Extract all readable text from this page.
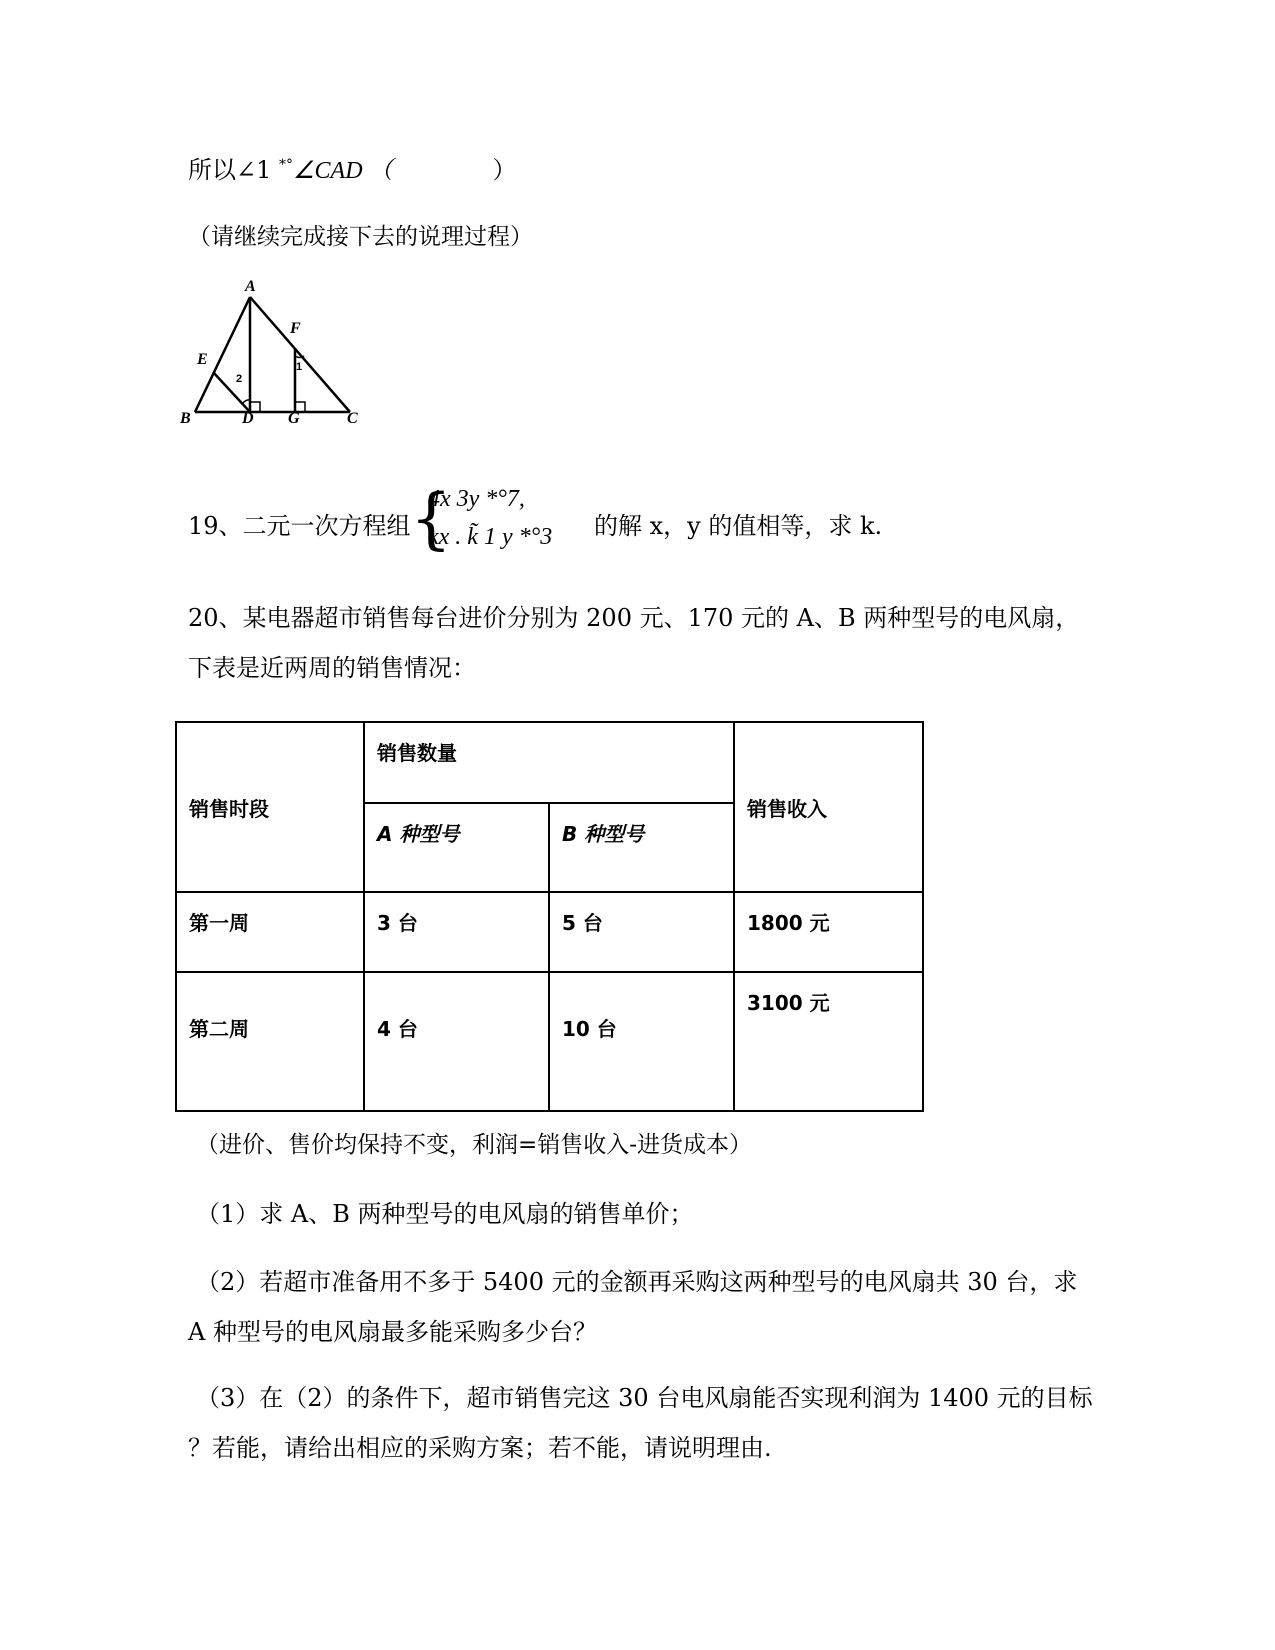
所以∠1 *°∠CAD （	）
（请继续完成接下去的说理过程）
A
B	C
D
E
F
G
1
2
19、二元一次方程组 {
4x 3y *°7,
kx . k̃ 1 y *°3 的解 x，y 的值相等，求 k.
20、某电器超市销售每台进价分别为 200 元、170 元的 A、B 两种型号的电风扇，
下表是近两周的销售情况：
销售时段	销售数量		销售收入
	A 种型号	B 种型号	
第一周	3 台	5 台	1800 元
第二周	4 台	10 台	3100 元
（进价、售价均保持不变，利润=销售收入-进货成本）
（1）求 A、B 两种型号的电风扇的销售单价；
（2）若超市准备用不多于 5400 元的金额再采购这两种型号的电风扇共 30 台，求
A 种型号的电风扇最多能采购多少台？
（3）在（2）的条件下，超市销售完这 30 台电风扇能否实现利润为 1400 元的目标
？若能，请给出相应的采购方案；若不能，请说明理由.
